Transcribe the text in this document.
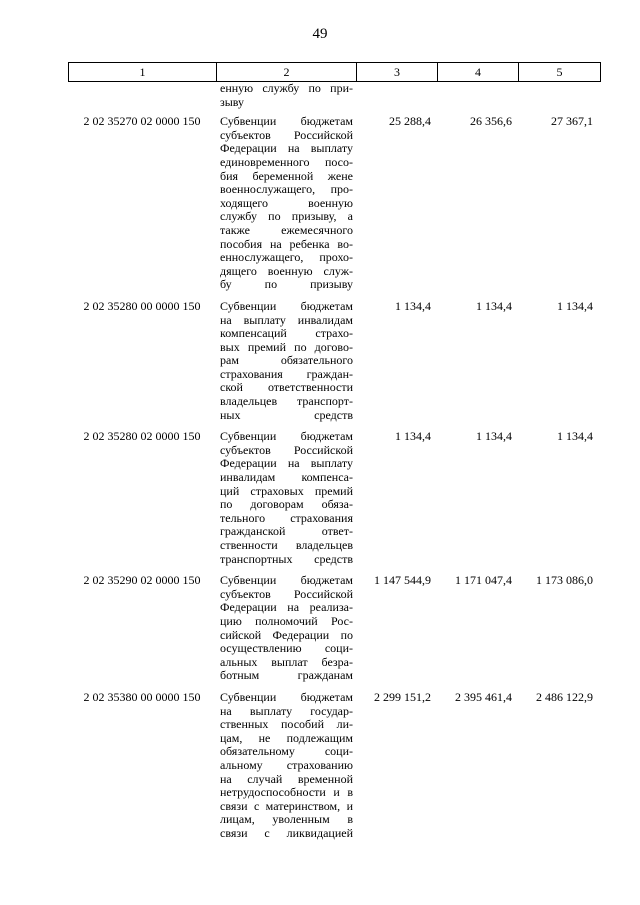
49
1	2	3	4	5
енную службу по при-
зыву
2 02 35270 02 0000 150	Субвенции бюджетам
субъектов Российской
Федерации на выплату
единовременного посо-
бия беременной жене
военнослужащего, про-
ходящего военную
службу по призыву, а
также ежемесячного
пособия на ребенка во-
еннослужащего, прохо-
дящего военную служ-
бу по призыву
25 288,4	26 356,6	27 367,1
2 02 35280 00 0000 150	Субвенции бюджетам
на выплату инвалидам
компенсаций страхо-
вых премий по догово-
рам обязательного
страхования граждан-
ской ответственности
владельцев транспорт-
ных средств
1 134,4	1 134,4	1 134,4
2 02 35280 02 0000 150	Субвенции бюджетам
субъектов Российской
Федерации на выплату
инвалидам компенса-
ций страховых премий
по договорам обяза-
тельного страхования
гражданской ответ-
ственности владельцев
транспортных средств
1 134,4	1 134,4	1 134,4
2 02 35290 02 0000 150	Субвенции бюджетам
субъектов Российской
Федерации на реализа-
цию полномочий Рос-
сийской Федерации по
осуществлению соци-
альных выплат безра-
ботным гражданам
1 147 544,9	1 171 047,4	1 173 086,0
2 02 35380 00 0000 150	Субвенции бюджетам
на выплату государ-
ственных пособий ли-
цам, не подлежащим
обязательному соци-
альному страхованию
на случай временной
нетрудоспособности и в
связи с материнством, и
лицам, уволенным в
связи с ликвидацией
2 299 151,2	2 395 461,4	2 486 122,9
